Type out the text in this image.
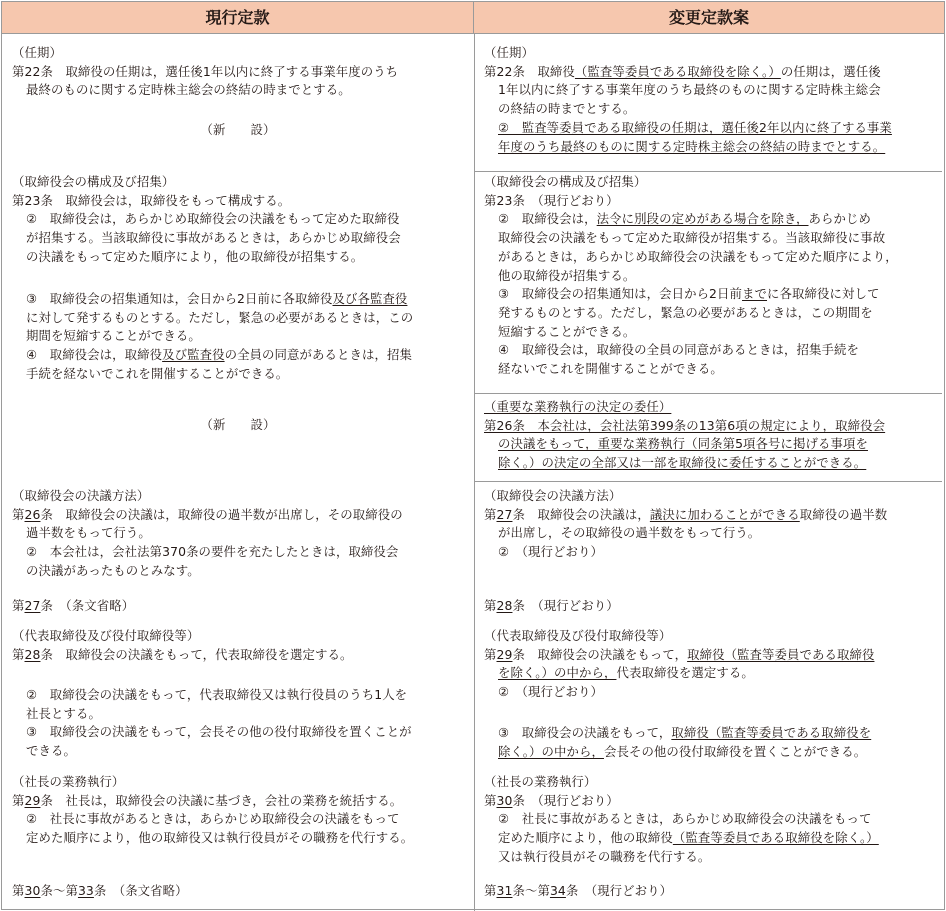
現行定款	変更定款案
（任期）
第22条　取締役の任期は，選任後1年以内に終了する事業年度のうち
最終のものに関する定時株主総会の終結の時までとする。
（新　　設）
（取締役会の構成及び招集）
第23条　取締役会は，取締役をもって構成する。
②　取締役会は，あらかじめ取締役会の決議をもって定めた取締役
が招集する。当該取締役に事故があるときは，あらかじめ取締役会
の決議をもって定めた順序により，他の取締役が招集する。
③　取締役会の招集通知は，会日から2日前に各取締役及び各監査役
に対して発するものとする。ただし，緊急の必要があるときは，この
期間を短縮することができる。
④　取締役会は，取締役及び監査役の全員の同意があるときは，招集
手続を経ないでこれを開催することができる。
（新　　設）
（取締役会の決議方法）
第26条　取締役会の決議は，取締役の過半数が出席し，その取締役の
過半数をもって行う。
②　本会社は，会社法第370条の要件を充たしたときは，取締役会
の決議があったものとみなす。
第27条　（条文省略）
（代表取締役及び役付取締役等）
第28条　取締役会の決議をもって，代表取締役を選定する。
②　取締役会の決議をもって，代表取締役又は執行役員のうち1人を
社長とする。
③　取締役会の決議をもって，会長その他の役付取締役を置くことが
できる。
（社長の業務執行）
第29条　社長は，取締役会の決議に基づき，会社の業務を統括する。
②　社長に事故があるときは，あらかじめ取締役会の決議をもって
定めた順序により，他の取締役又は執行役員がその職務を代行する。
第30条～第33条　（条文省略）
（任期）
第22条　取締役（監査等委員である取締役を除く。）の任期は，選任後
1年以内に終了する事業年度のうち最終のものに関する定時株主総会
の終結の時までとする。
②　監査等委員である取締役の任期は，選任後2年以内に終了する事業
年度のうち最終のものに関する定時株主総会の終結の時までとする。
（取締役会の構成及び招集）
第23条　（現行どおり）
②　取締役会は，法令に別段の定めがある場合を除き，あらかじめ
取締役会の決議をもって定めた取締役が招集する。当該取締役に事故
があるときは，あらかじめ取締役会の決議をもって定めた順序により，
他の取締役が招集する。
③　取締役会の招集通知は，会日から2日前までに各取締役に対して
発するものとする。ただし，緊急の必要があるときは，この期間を
短縮することができる。
④　取締役会は，取締役の全員の同意があるときは，招集手続を
経ないでこれを開催することができる。
（重要な業務執行の決定の委任）
第26条　本会社は，会社法第399条の13第6項の規定により，取締役会
の決議をもって，重要な業務執行（同条第5項各号に掲げる事項を
除く。）の決定の全部又は一部を取締役に委任することができる。
（取締役会の決議方法）
第27条　取締役会の決議は，議決に加わることができる取締役の過半数
が出席し，その取締役の過半数をもって行う。
②　（現行どおり）
第28条　（現行どおり）
（代表取締役及び役付取締役等）
第29条　取締役会の決議をもって，取締役（監査等委員である取締役
を除く。）の中から，代表取締役を選定する。
②　（現行どおり）
③　取締役会の決議をもって，取締役（監査等委員である取締役を
除く。）の中から，会長その他の役付取締役を置くことができる。
（社長の業務執行）
第30条　（現行どおり）
②　社長に事故があるときは，あらかじめ取締役会の決議をもって
定めた順序により，他の取締役（監査等委員である取締役を除く。）
又は執行役員がその職務を代行する。
第31条～第34条　（現行どおり）
